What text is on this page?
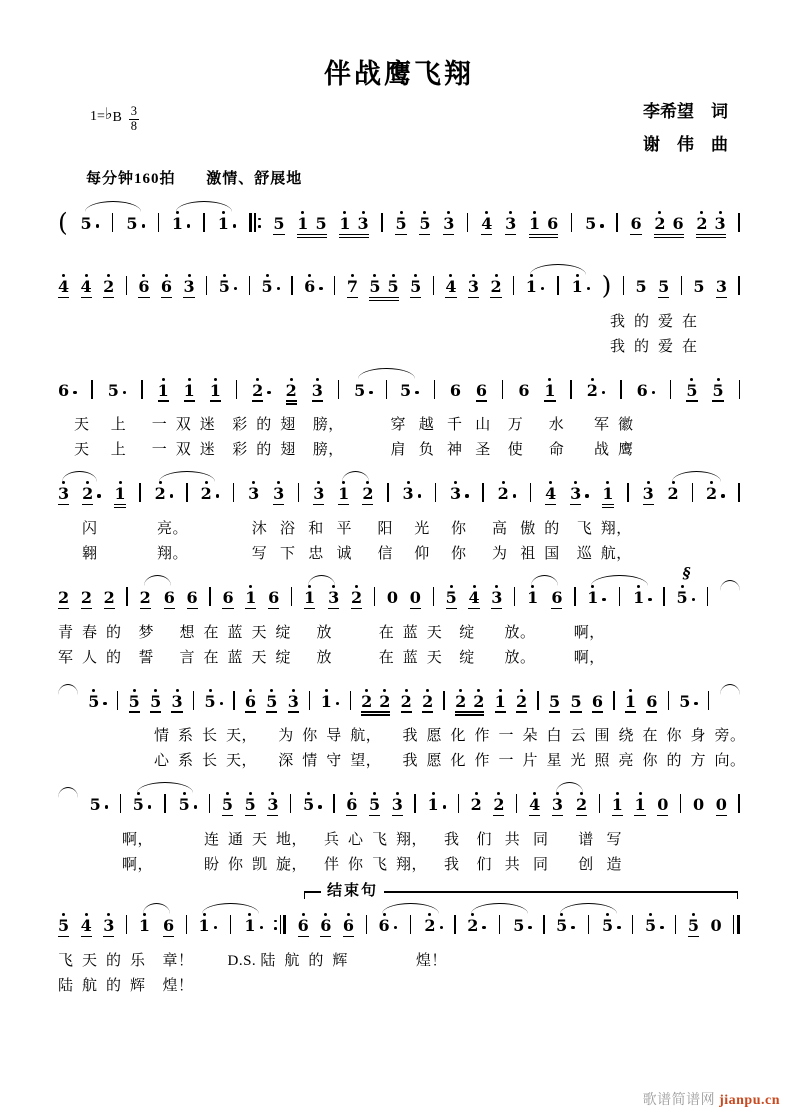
伴战鹰飞翔
1= ♭ B $\frac{3}{8}$	李希望　词
谢　伟　曲
每分钟160拍 激情、舒展地
( 5 5 1 1	5 1 5 1 3 5 5 3 4 3 1 6 5 6 2 6 2 3
4 4 2 6 6 3 5 5 6 7 5 5 5 4 3 2 1 1 ) 5 5 5 3
我  的  爱  在
我  的  爱  在
6 5 1 1 1 2 2 3 5 5 6 6 6 1 2 6 5 5
天     上      一  双  迷    彩  的  翅    膀，           穿   越   千   山    万      水       军  徽
天     上      一  双  迷    彩  的  翅    膀，           肩   负   神   圣    使      命       战  鹰
3 2 1 2 2 3 3 3 1 2 3 3 2 4 3 1 3 2 2
闪              亮。               沐   浴   和   平      阳     光     你      高   傲  的    飞  翔，
翱              翔。               写   下   忠   诚      信     仰     你      为   祖  国    巡  航，
2 2 2 2 6 6 6 1 6 1 3 2 0 0 5 4 3 1 6 1 1 5
§
青  春  的    梦      想  在  蓝  天  绽      放           在  蓝  天    绽       放。         啊，
军  人  的    誓      言  在  蓝  天  绽      放           在  蓝  天    绽       放。         啊，
5 5 5 3 5 6 5 3 1 2 2 2 2 2 2 1 2 5 5 6 1 6 5
情  系  长  天，     为  你  导  航，     我  愿  化  作  一  朵  白  云  围  绕  在  你  身  旁。
心  系  长  天，     深  情  守  望，     我  愿  化  作  一  片  星  光  照  亮  你  的  方  向。
5 5 5 5 5 3 5 6 5 3 1 2 2 4 3 2 1 1 0 0 0
啊，            连  通  天  地，    兵  心  飞  翔，    我    们   共   同       谱   写
啊，            盼  你  凯  旋，    伴  你  飞  翔，    我    们   共   同       创   造
结束句
5 4 3 1 6 1 1	6 6 6 6 2 2 5 5 5 5 5 0
飞  天  的  乐    章！        D.S. 陆  航  的  辉                煌！
陆  航  的  辉    煌！
歌谱简谱网 jianpu.cn
